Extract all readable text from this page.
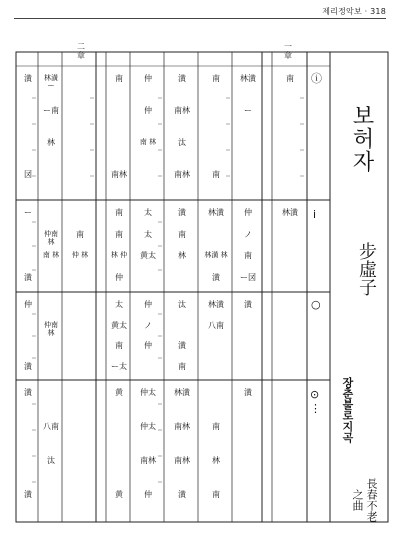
제리정악보 · 318
二章
一章
ⓘ
ⅰ
○
⊙ ⋮
潢
㘝
ー
潢
仲
潢
潢
潢
林潢 ー
ー南
林
仲南 林
南 林
仲南 林
八南
汰
南
仲 林
南
南林
南
南
林 仲
仲
太
黄太
南
ー太
黄
黄
仲
仲
南 林
太
太
黄太
仲
ノ
仲
仲太
仲太
南林
仲
潢
南林
汰
南林
潢
南
林
汰
潢
南
林潢
南林
南林
潢
南
南
林潢
林潢 林
潢
林潢
八南
南
林
南
林潢
ー
仲
ノ
南
ー㘝
潢
潢
南
林潢
보허자
步虛子
장춘불로지곡
長春不老之曲
